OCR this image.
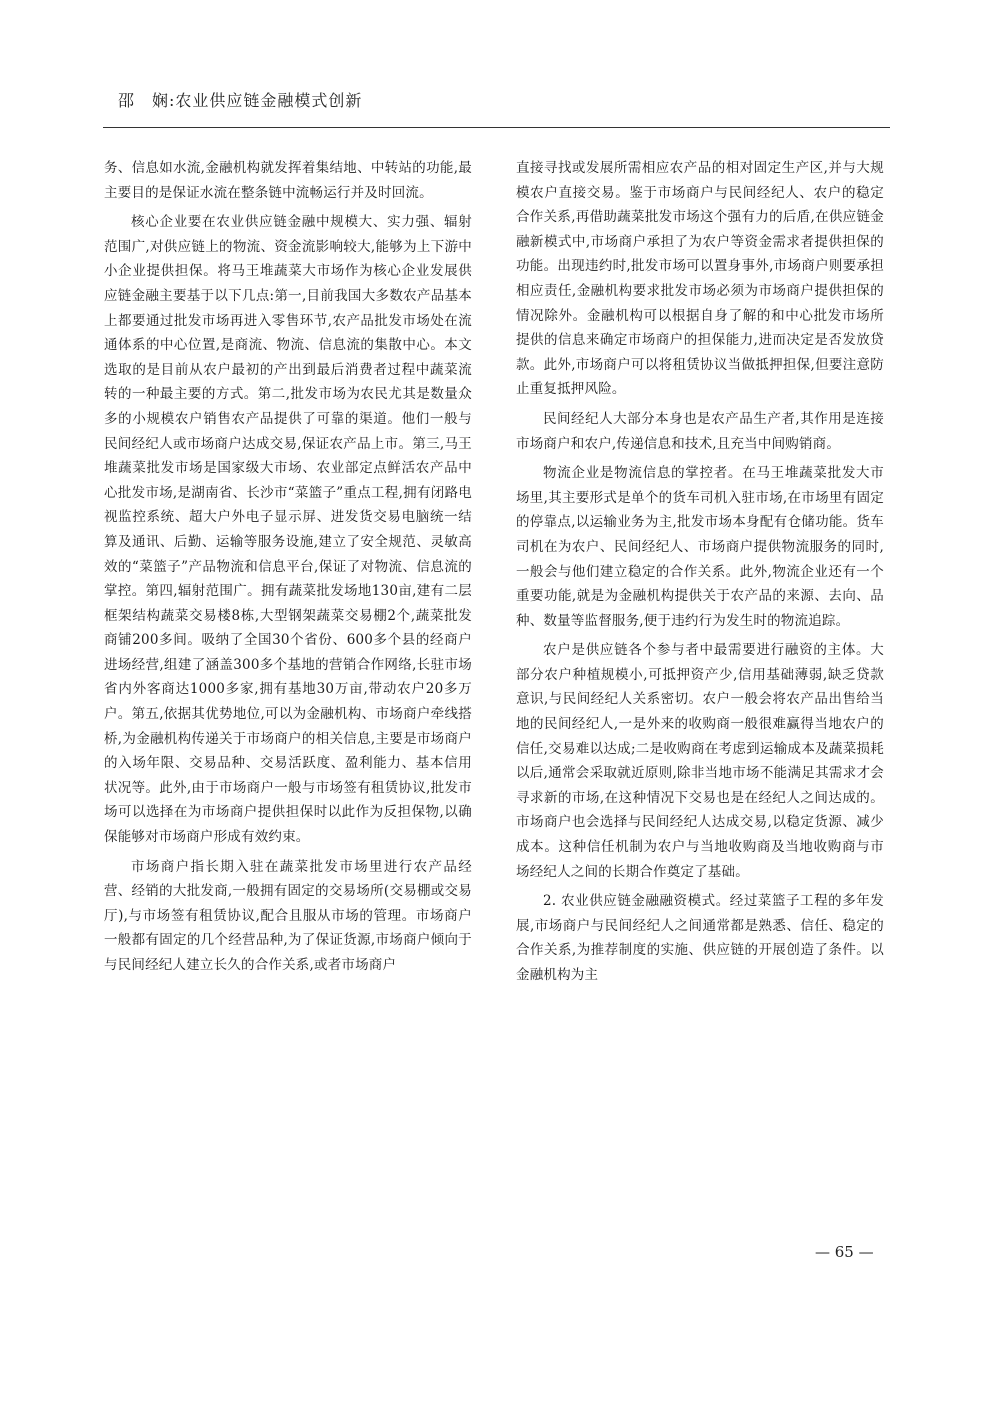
邵　娴:农业供应链金融模式创新

务、信息如水流,金融机构就发挥着集结地、中转站的功能,最主要目的是保证水流在整条链中流畅运行并及时回流。

核心企业要在农业供应链金融中规模大、实力强、辐射范围广,对供应链上的物流、资金流影响较大,能够为上下游中小企业提供担保。将马王堆蔬菜大市场作为核心企业发展供应链金融主要基于以下几点:第一,目前我国大多数农产品基本上都要通过批发市场再进入零售环节,农产品批发市场处在流通体系的中心位置,是商流、物流、信息流的集散中心。本文选取的是目前从农户最初的产出到最后消费者过程中蔬菜流转的一种最主要的方式。第二,批发市场为农民尤其是数量众多的小规模农户销售农产品提供了可靠的渠道。他们一般与民间经纪人或市场商户达成交易,保证农产品上市。第三,马王堆蔬菜批发市场是国家级大市场、农业部定点鲜活农产品中心批发市场,是湖南省、长沙市“菜篮子”重点工程,拥有闭路电视监控系统、超大户外电子显示屏、进发货交易电脑统一结算及通讯、后勤、运输等服务设施,建立了安全规范、灵敏高效的“菜篮子”产品物流和信息平台,保证了对物流、信息流的掌控。第四,辐射范围广。拥有蔬菜批发场地130亩,建有二层框架结构蔬菜交易楼8栋,大型钢架蔬菜交易棚2个,蔬菜批发商铺200多间。吸纳了全国30个省份、600多个县的经商户进场经营,组建了涵盖300多个基地的营销合作网络,长驻市场省内外客商达1000多家,拥有基地30万亩,带动农户20多万户。第五,依据其优势地位,可以为金融机构、市场商户牵线搭桥,为金融机构传递关于市场商户的相关信息,主要是市场商户的入场年限、交易品种、交易活跃度、盈利能力、基本信用状况等。此外,由于市场商户一般与市场签有租赁协议,批发市场可以选择在为市场商户提供担保时以此作为反担保物,以确保能够对市场商户形成有效约束。

市场商户指长期入驻在蔬菜批发市场里进行农产品经营、经销的大批发商,一般拥有固定的交易场所(交易棚或交易厅),与市场签有租赁协议,配合且服从市场的管理。市场商户一般都有固定的几个经营品种,为了保证货源,市场商户倾向于与民间经纪人建立长久的合作关系,或者市场商户

直接寻找或发展所需相应农产品的相对固定生产区,并与大规模农户直接交易。鉴于市场商户与民间经纪人、农户的稳定合作关系,再借助蔬菜批发市场这个强有力的后盾,在供应链金融新模式中,市场商户承担了为农户等资金需求者提供担保的功能。出现违约时,批发市场可以置身事外,市场商户则要承担相应责任,金融机构要求批发市场必须为市场商户提供担保的情况除外。金融机构可以根据自身了解的和中心批发市场所提供的信息来确定市场商户的担保能力,进而决定是否发放贷款。此外,市场商户可以将租赁协议当做抵押担保,但要注意防止重复抵押风险。

民间经纪人大部分本身也是农产品生产者,其作用是连接市场商户和农户,传递信息和技术,且充当中间购销商。

物流企业是物流信息的掌控者。在马王堆蔬菜批发大市场里,其主要形式是单个的货车司机入驻市场,在市场里有固定的停靠点,以运输业务为主,批发市场本身配有仓储功能。货车司机在为农户、民间经纪人、市场商户提供物流服务的同时,一般会与他们建立稳定的合作关系。此外,物流企业还有一个重要功能,就是为金融机构提供关于农产品的来源、去向、品种、数量等监督服务,便于违约行为发生时的物流追踪。

农户是供应链各个参与者中最需要进行融资的主体。大部分农户种植规模小,可抵押资产少,信用基础薄弱,缺乏贷款意识,与民间经纪人关系密切。农户一般会将农产品出售给当地的民间经纪人,一是外来的收购商一般很难赢得当地农户的信任,交易难以达成;二是收购商在考虑到运输成本及蔬菜损耗以后,通常会采取就近原则,除非当地市场不能满足其需求才会寻求新的市场,在这种情况下交易也是在经纪人之间达成的。市场商户也会选择与民间经纪人达成交易,以稳定货源、减少成本。这种信任机制为农户与当地收购商及当地收购商与市场经纪人之间的长期合作奠定了基础。

2. 农业供应链金融融资模式。经过菜篮子工程的多年发展,市场商户与民间经纪人之间通常都是熟悉、信任、稳定的合作关系,为推荐制度的实施、供应链的开展创造了条件。以金融机构为主

— 65 —
